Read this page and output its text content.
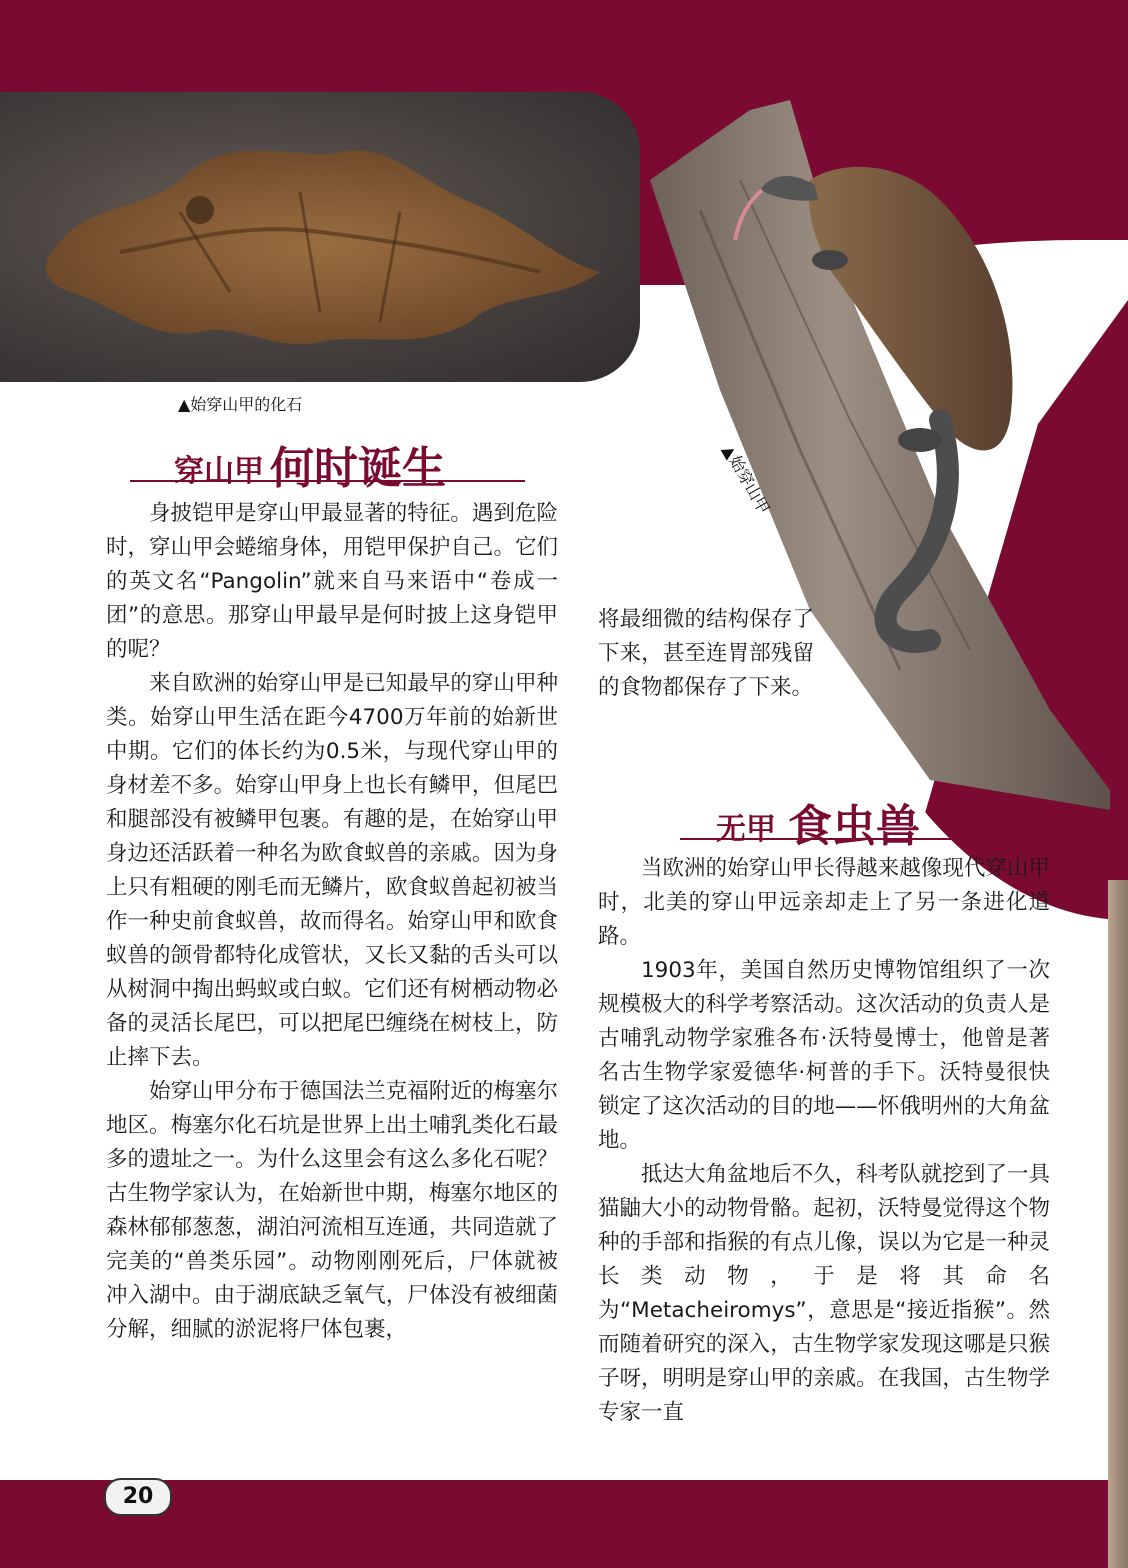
▲始穿山甲的化石
穿山甲 何时诞生

身披铠甲是穿山甲最显著的特征。遇到危险时，穿山甲会蜷缩身体，用铠甲保护自己。它们的英文名“Pangolin”就来自马来语中“卷成一团”的意思。那穿山甲最早是何时披上这身铠甲的呢？

来自欧洲的始穿山甲是已知最早的穿山甲种类。始穿山甲生活在距今4700万年前的始新世中期。它们的体长约为0.5米，与现代穿山甲的身材差不多。始穿山甲身上也长有鳞甲，但尾巴和腿部没有被鳞甲包裹。有趣的是，在始穿山甲身边还活跃着一种名为欧食蚁兽的亲戚。因为身上只有粗硬的刚毛而无鳞片，欧食蚁兽起初被当作一种史前食蚁兽，故而得名。始穿山甲和欧食蚁兽的颌骨都特化成管状，又长又黏的舌头可以从树洞中掏出蚂蚁或白蚁。它们还有树栖动物必备的灵活长尾巴，可以把尾巴缠绕在树枝上，防止摔下去。

始穿山甲分布于德国法兰克福附近的梅塞尔地区。梅塞尔化石坑是世界上出土哺乳类化石最多的遗址之一。为什么这里会有这么多化石呢？古生物学家认为，在始新世中期，梅塞尔地区的森林郁郁葱葱，湖泊河流相互连通，共同造就了完美的“兽类乐园”。动物刚刚死后，尸体就被冲入湖中。由于湖底缺乏氧气，尸体没有被细菌分解，细腻的淤泥将尸体包裹，

将最细微的结构保存了下来，甚至连胃部残留的食物都保存了下来。

无甲 食虫兽

当欧洲的始穿山甲长得越来越像现代穿山甲时，北美的穿山甲远亲却走上了另一条进化道路。

1903年，美国自然历史博物馆组织了一次规模极大的科学考察活动。这次活动的负责人是古哺乳动物学家雅各布·沃特曼博士，他曾是著名古生物学家爱德华·柯普的手下。沃特曼很快锁定了这次活动的目的地——怀俄明州的大角盆地。

抵达大角盆地后不久，科考队就挖到了一具猫鼬大小的动物骨骼。起初，沃特曼觉得这个物种的手部和指猴的有点儿像，误以为它是一种灵长类动物，于是将其命名为“Metacheiromys”，意思是“接近指猴”。然而随着研究的深入，古生物学家发现这哪是只猴子呀，明明是穿山甲的亲戚。在我国，古生物学专家一直

20
